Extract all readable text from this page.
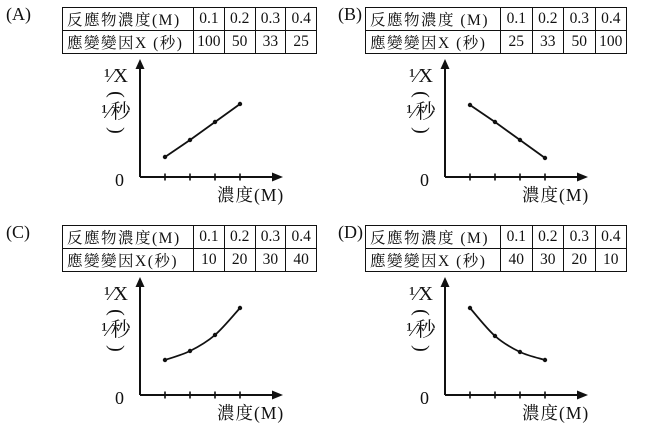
(A) 反應物濃度(M)	0.1	0.2	0.3	0.4
應變變因X (秒)	100	50	33	25
¹⁄X
(
¹⁄秒
)
0
濃度(M)
(B) 反應物濃度 (M)	0.1	0.2	0.3	0.4
應變變因X (秒)	25	33	50	100
¹⁄X
(
¹⁄秒
)
0
濃度(M)
(C) 反應物濃度(M)	0.1	0.2	0.3	0.4
應變變因X(秒)	10	20	30	40
¹⁄X
(
¹⁄秒
)
0
濃度(M)
(D) 反應物濃度 (M)	0.1	0.2	0.3	0.4
應變變因X (秒)	40	30	20	10
¹⁄X
(
¹⁄秒
)
0
濃度(M)
